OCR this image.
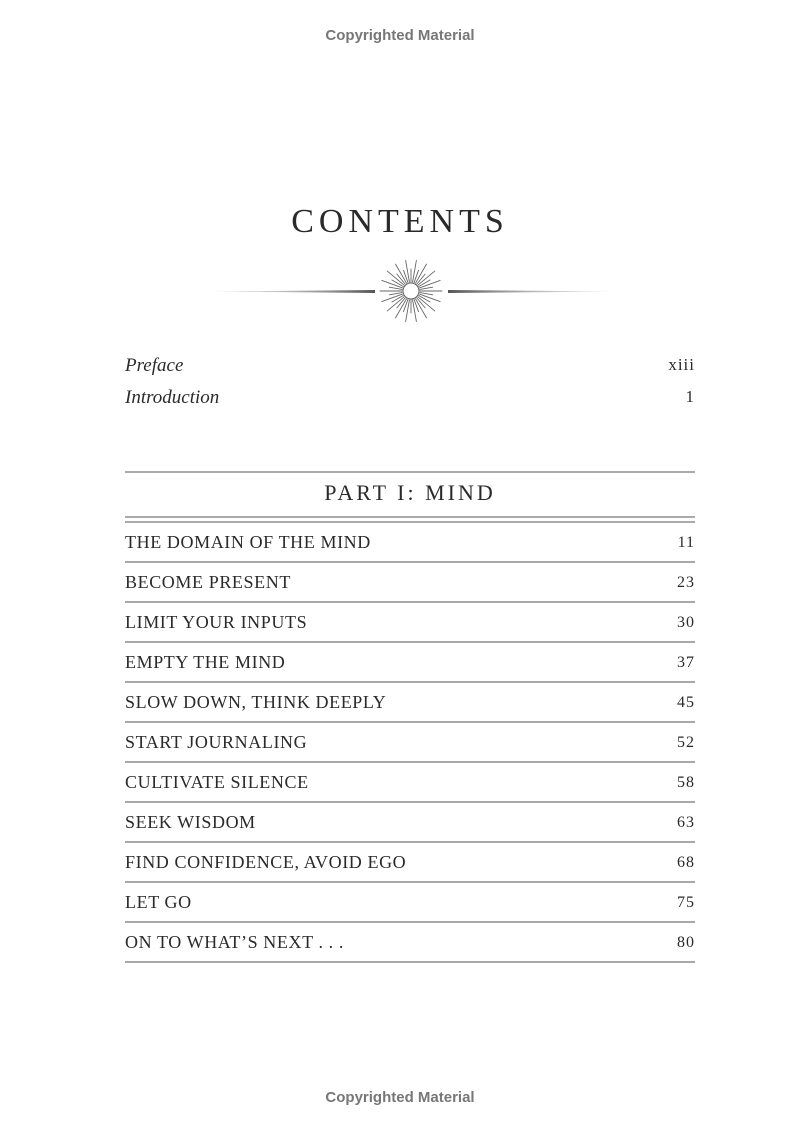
Copyrighted Material
CONTENTS
Preface	xiii
Introduction	1
PART I: MIND
THE DOMAIN OF THE MIND	11
BECOME PRESENT	23
LIMIT YOUR INPUTS	30
EMPTY THE MIND	37
SLOW DOWN, THINK DEEPLY	45
START JOURNALING	52
CULTIVATE SILENCE	58
SEEK WISDOM	63
FIND CONFIDENCE, AVOID EGO	68
LET GO	75
ON TO WHAT’S NEXT . . .	80
Copyrighted Material
